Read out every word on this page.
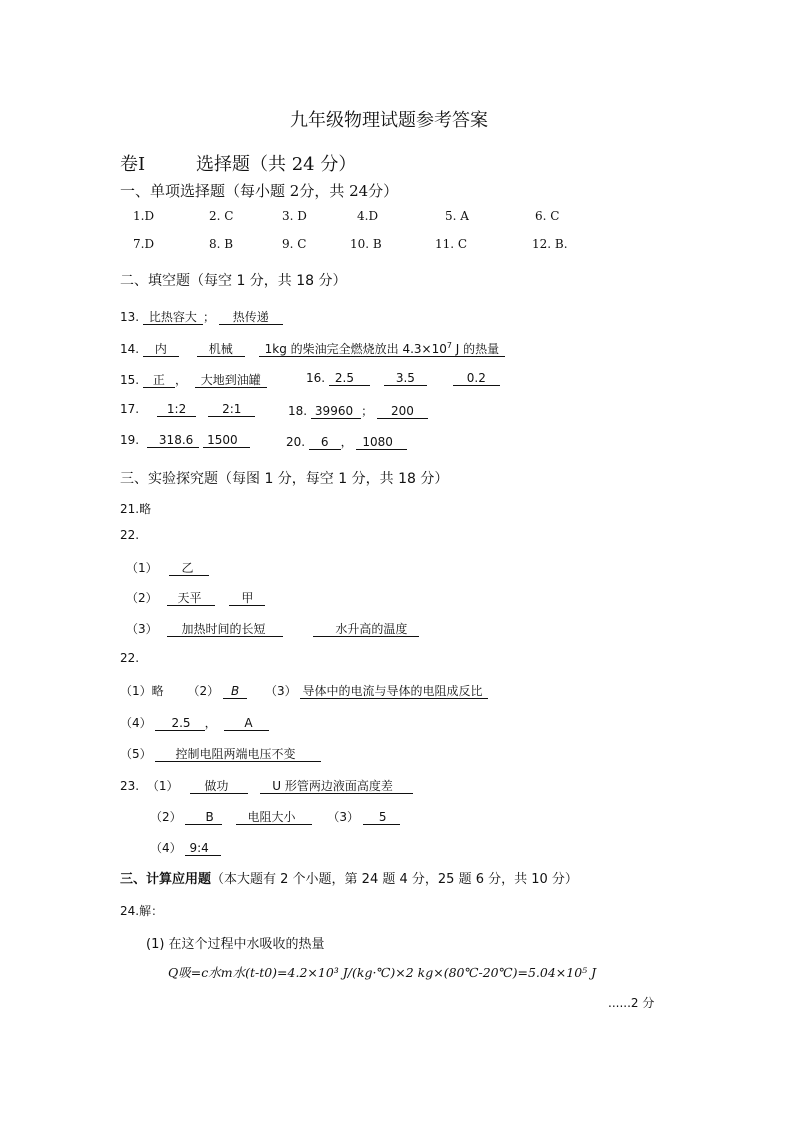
九年级物理试题参考答案
卷Ⅰ	选择题（共 24 分）
一、单项选择题（每小题 2分，共 24分）
1.D	2. C	3. D	4.D	5. A	6. C
7.D	8. B	9. C	10. B	11. C	12. B.
二、填空题（每空 1 分，共 18 分）
13. 比热容大 ； 热传递
14. 内	机械	1kg 的柴油完全燃烧放出 $4.3\times 10^7$ J 的热量
15. 正 ， 大地到油罐	16. 2.5	3.5	0.2
17. 1:2	2:1	18. 39960 ； 200
19. 318.6 1500	20. 6 ， 1080
三、实验探究题（每图 1 分，每空 1 分，共 18 分）
21.略
22.
（1） 乙
（2） 天平	甲
（3） 加热时间的长短	水升高的温度
22.
（1）略 （2） B （3） 导体中的电流与导体的电阻成反比
（4） 2.5 ， A
（5） 控制电阻两端电压不变
23. （1） 做功	U 形管两边液面高度差
（2） B	电阻大小	（3） 5
（4） 9:4
三、计算应用题（本大题有 2 个小题，第 24 题 4 分，25 题 6 分，共 10 分）
24.解：
(1) 在这个过程中水吸收的热量
Q吸=c水m水(t-t0)=4.2×10³ J/(kg·℃)×2 kg×(80℃-20℃)=5.04×10⁵ J
......2 分
